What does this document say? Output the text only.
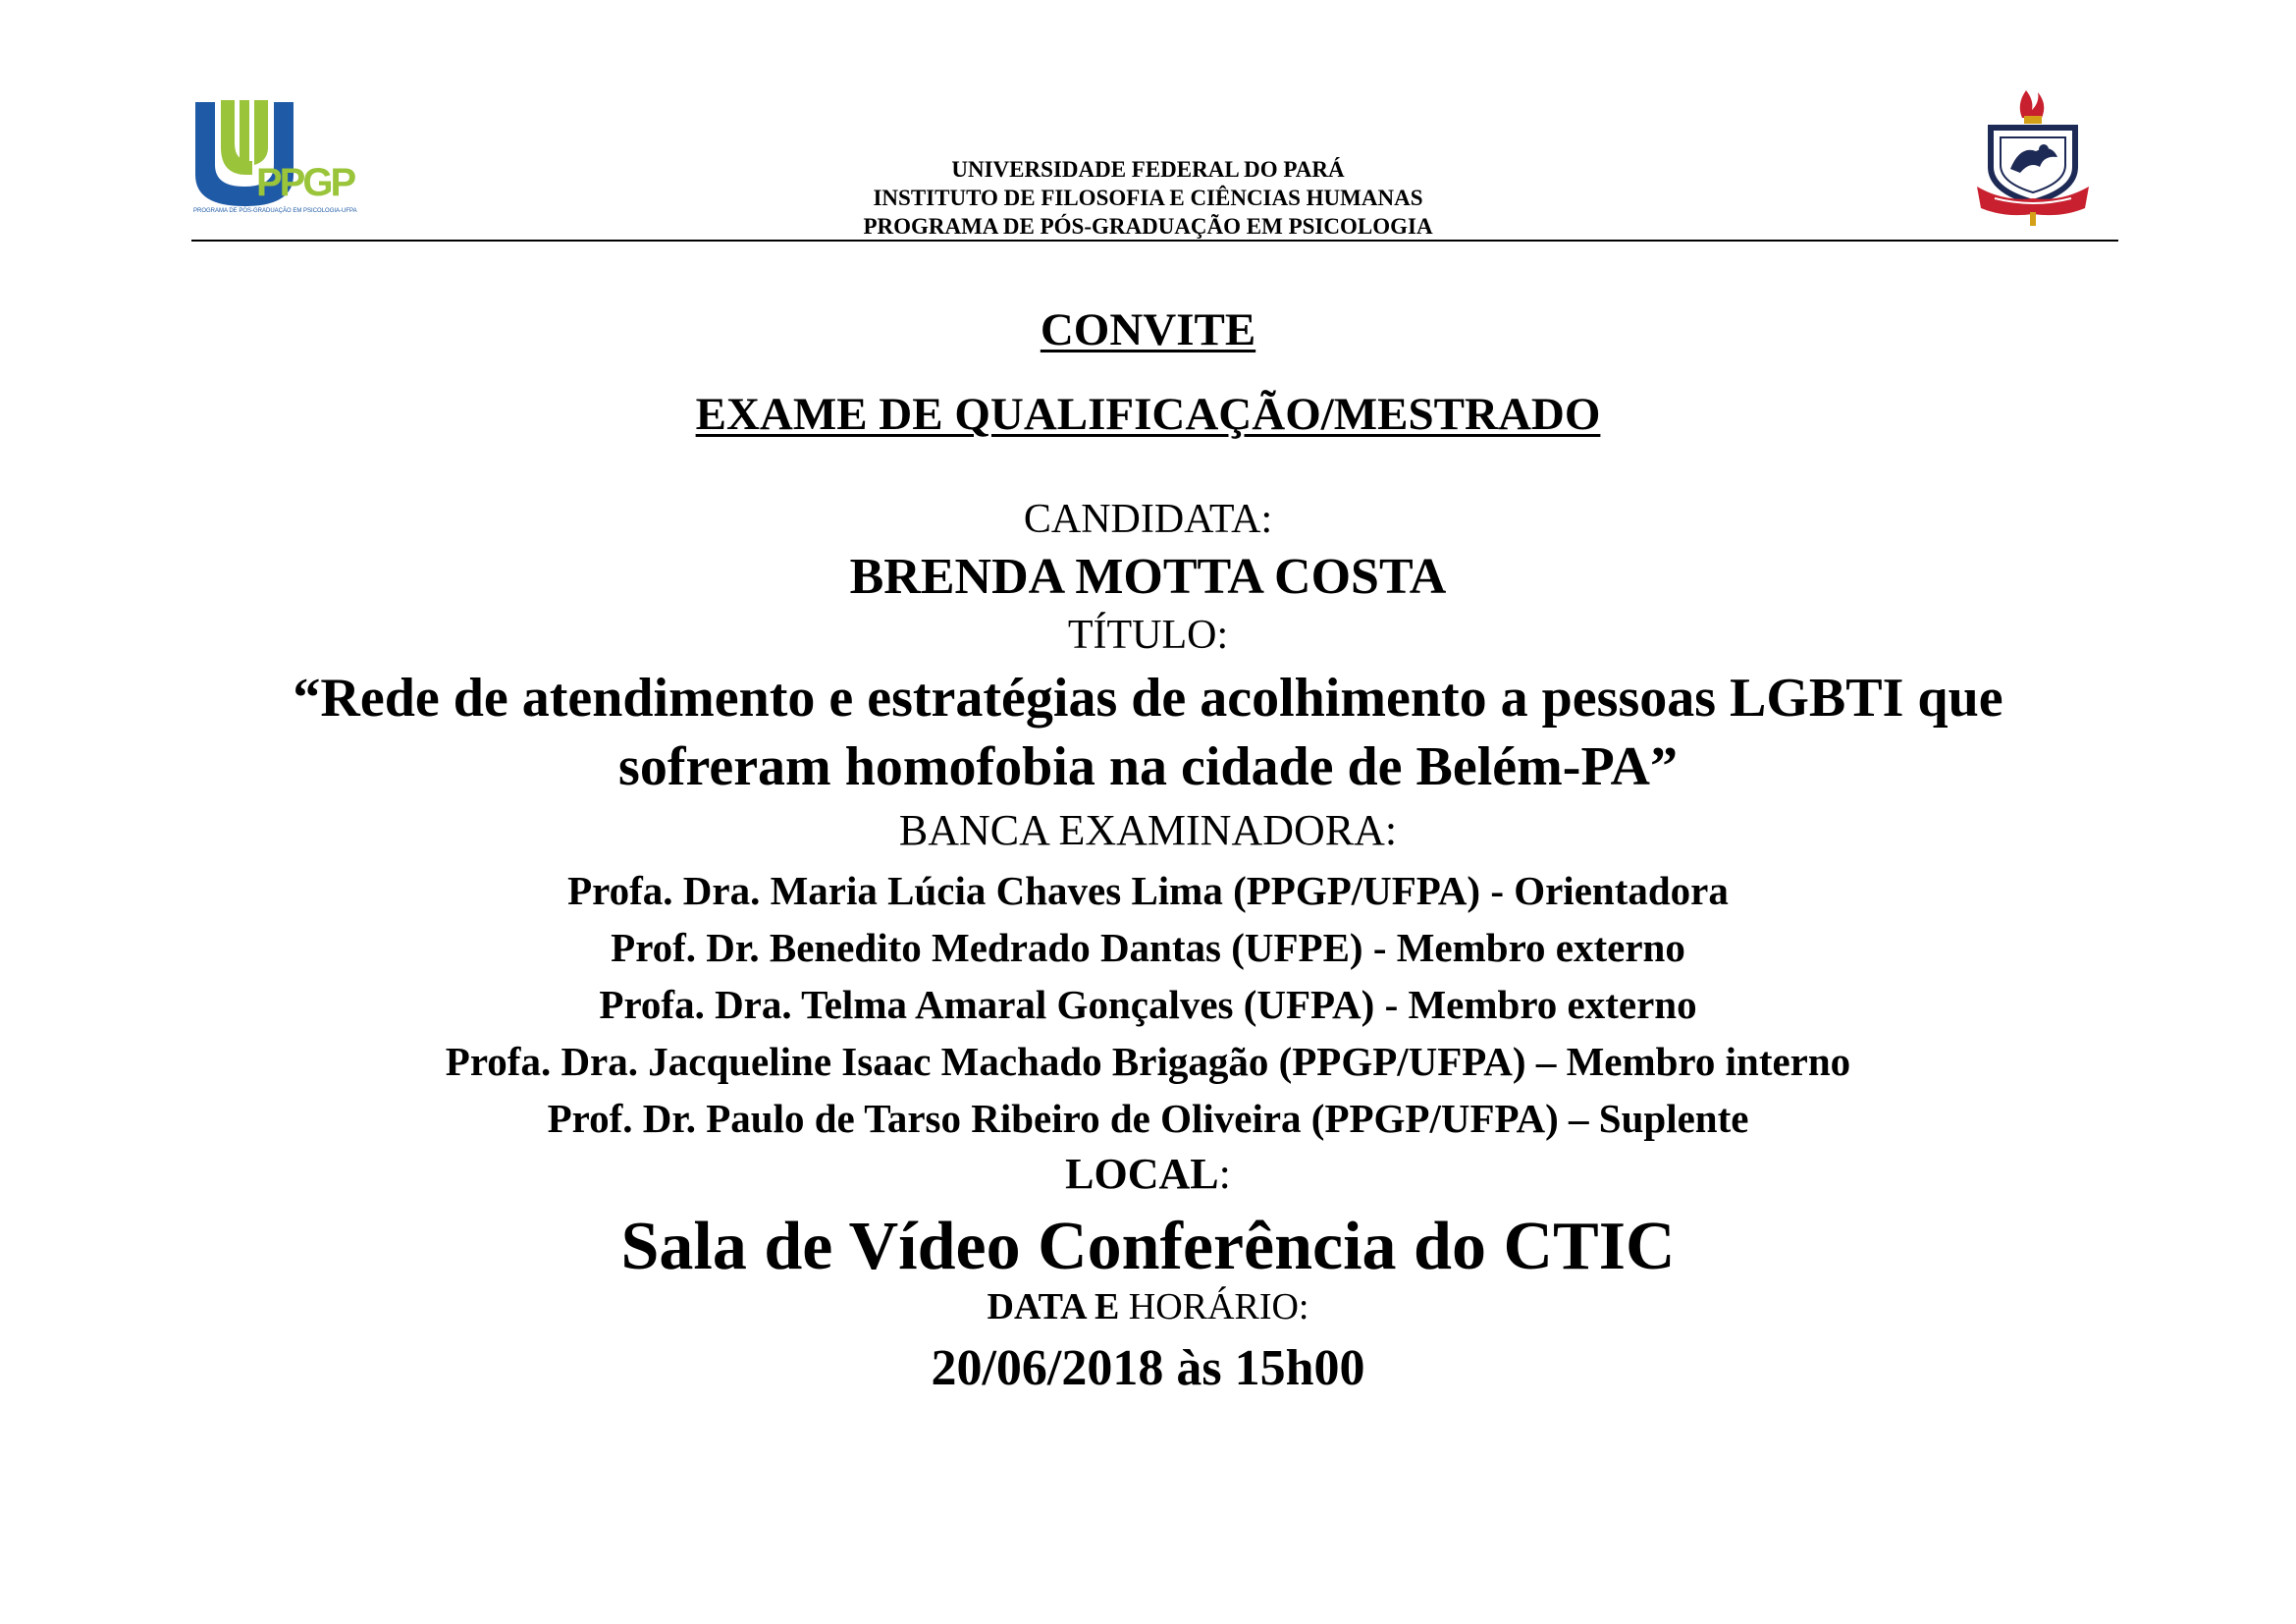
PPGP
PROGRAMA DE PÓS-GRADUAÇÃO EM PSICOLOGIA-UFPA

UNIVERSIDADE FEDERAL DO PARÁ

INSTITUTO DE FILOSOFIA E CIÊNCIAS HUMANAS

PROGRAMA DE PÓS-GRADUAÇÃO EM PSICOLOGIA

CONVITE

EXAME DE QUALIFICAÇÃO/MESTRADO

CANDIDATA:

BRENDA MOTTA COSTA

TÍTULO:

“Rede de atendimento e estratégias de acolhimento a pessoas LGBTI que

sofreram homofobia na cidade de Belém-PA”

BANCA EXAMINADORA:

Profa. Dra. Maria Lúcia Chaves Lima (PPGP/UFPA) - Orientadora

Prof. Dr. Benedito Medrado Dantas (UFPE) - Membro externo

Profa. Dra. Telma Amaral Gonçalves (UFPA) - Membro externo

Profa. Dra. Jacqueline Isaac Machado Brigagão (PPGP/UFPA) – Membro interno

Prof. Dr. Paulo de Tarso Ribeiro de Oliveira (PPGP/UFPA) – Suplente

LOCAL:

Sala de Vídeo Conferência do CTIC

DATA E HORÁRIO:

20/06/2018 às 15h00
